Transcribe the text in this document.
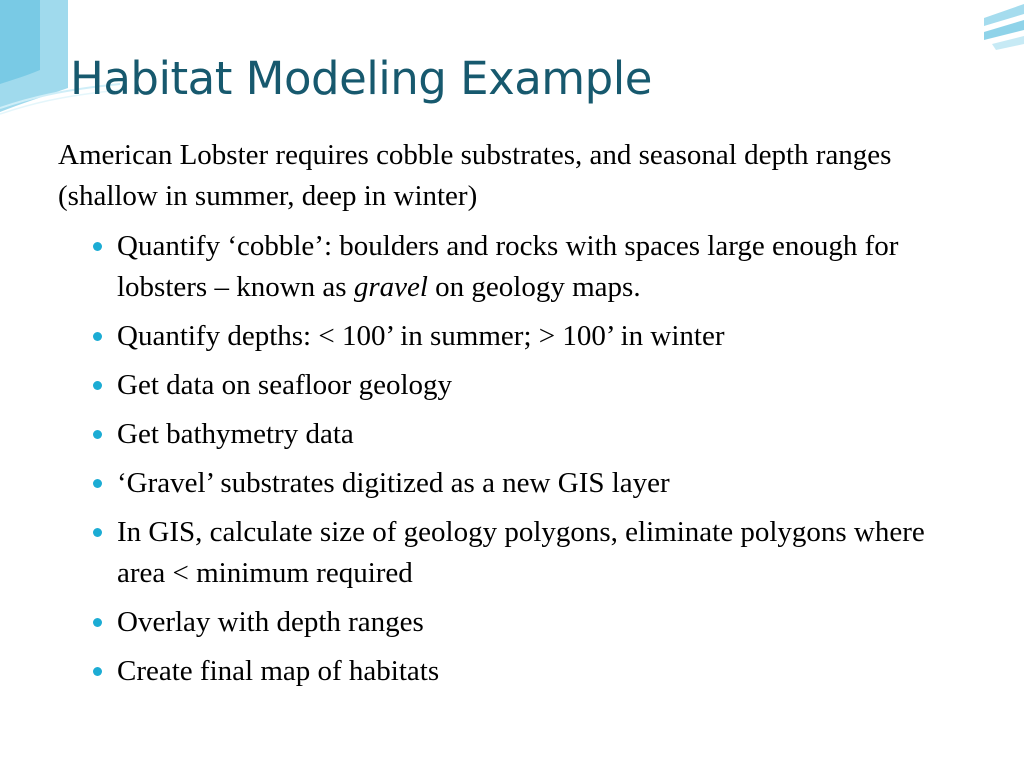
Habitat Modeling Example

American Lobster requires cobble substrates, and seasonal depth ranges (shallow in summer, deep in winter)

Quantify ‘cobble’: boulders and rocks with spaces large enough for lobsters – known as gravel on geology maps.
Quantify depths: < 100’ in summer; > 100’ in winter
Get data on seafloor geology
Get bathymetry data
‘Gravel’ substrates digitized as a new GIS layer
In GIS, calculate size of geology polygons, eliminate polygons where area < minimum required
Overlay with depth ranges
Create final map of habitats
